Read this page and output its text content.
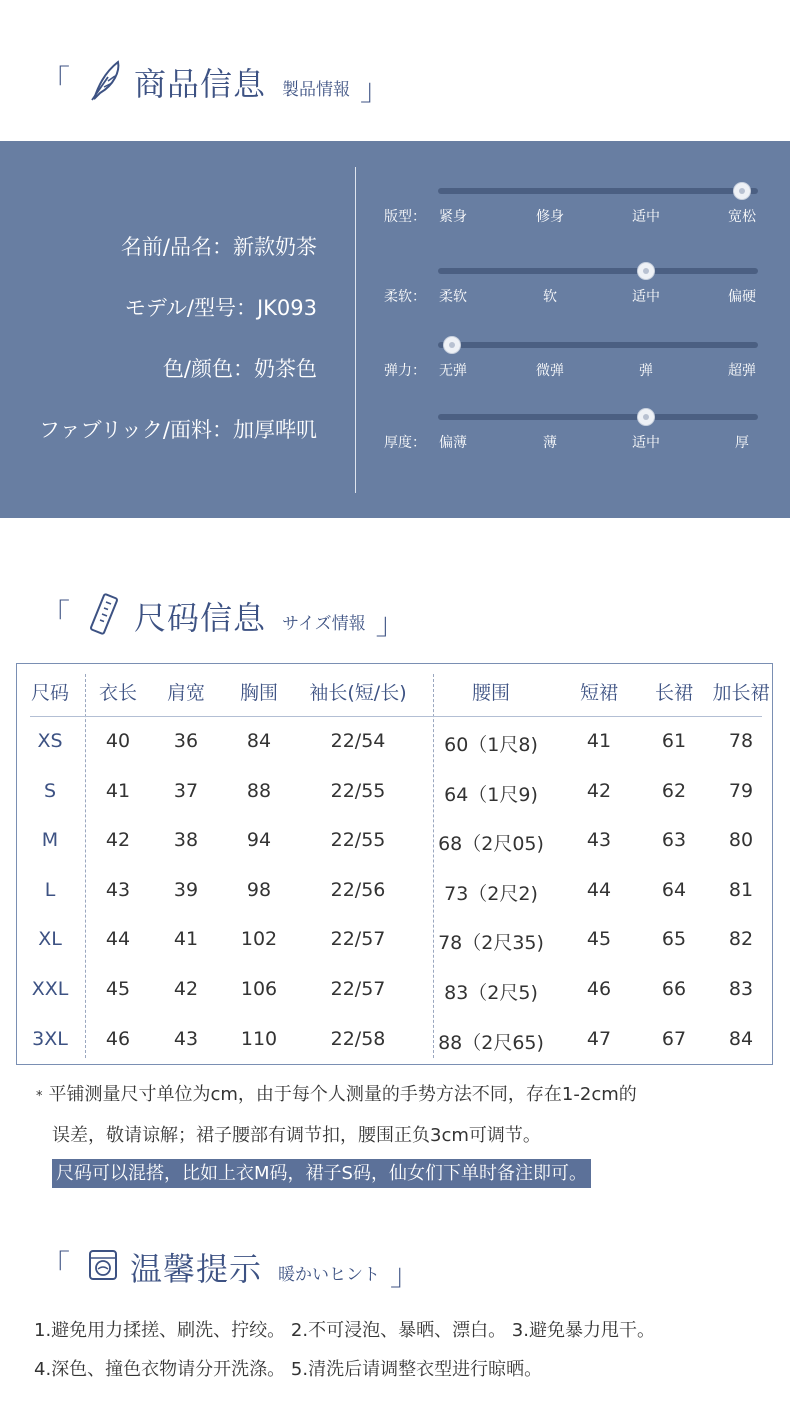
「 商品信息 製品情報 」
名前/品名：新款奶茶
モデル/型号：JK093
色/颜色：奶茶色
ファブリック/面料：加厚哔叽
版型： 紧身	修身	适中	宽松
柔软： 柔软	软	适中	偏硬
弹力： 无弹	微弹	弹	超弹
厚度： 偏薄	薄	适中	厚
「 尺码信息 サイズ情報 」
尺码 衣长 肩宽 胸围 袖长(短/长)	腰围	短裙 长裙 加长裙
XS 40 36	84	22/54	60（1尺8)	41	61 78
S	41 37	88	22/55	64（1尺9)	42	62 79
M	42 38	94	22/55	68（2尺05) 43	63 80
L	43 39	98	22/56	73（2尺2)	44	64 81
XL 44 41 102	22/57	78（2尺35) 45	65 82
XXL 45 42 106	22/57	83（2尺5)	46	66 83
3XL 46 43 110	22/58	88（2尺65) 47	67 84
* 平铺测量尺寸单位为cm，由于每个人测量的手势方法不同，存在1-2cm的
误差，敬请谅解；裙子腰部有调节扣，腰围正负3cm可调节。
尺码可以混搭，比如上衣M码，裙子S码，仙女们下单时备注即可。
「 温馨提示 暖かいヒント 」
1.避免用力揉搓、刷洗、拧绞。 2.不可浸泡、暴晒、漂白。 3.避免暴力甩干。
4.深色、撞色衣物请分开洗涤。 5.清洗后请调整衣型进行晾晒。
